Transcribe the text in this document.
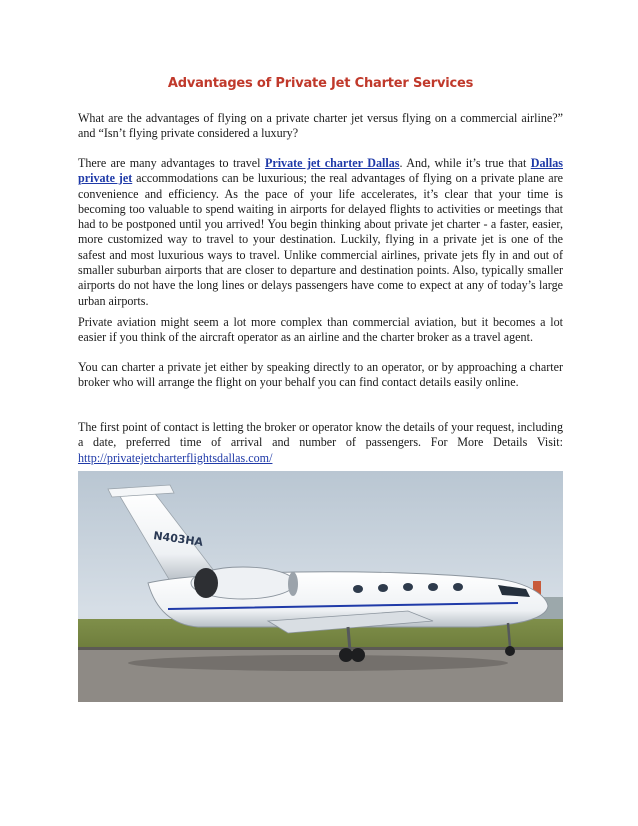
Advantages of Private Jet Charter Services

What are the advantages of flying on a private charter jet versus flying on a commercial airline?” and “Isn’t flying private considered a luxury?

There are many advantages to travel Private jet charter Dallas. And, while it’s true that Dallas private jet accommodations can be luxurious; the real advantages of flying on a private plane are convenience and efficiency. As the pace of your life accelerates, it’s clear that your time is becoming too valuable to spend waiting in airports for delayed flights to activities or meetings that had to be postponed until you arrived! You begin thinking about private jet charter - a faster, easier, more customized way to travel to your destination. Luckily, flying in a private jet is one of the safest and most luxurious ways to travel. Unlike commercial airlines, private jets fly in and out of smaller suburban airports that are closer to departure and destination points. Also, typically smaller airports do not have the long lines or delays passengers have come to expect at any of today’s large urban airports.

Private aviation might seem a lot more complex than commercial aviation, but it becomes a lot easier if you think of the aircraft operator as an airline and the charter broker as a travel agent.

You can charter a private jet either by speaking directly to an operator, or by approaching a charter broker who will arrange the flight on your behalf you can find contact details easily online.

The first point of contact is letting the broker or operator know the details of your request, including a date, preferred time of arrival and number of passengers. For More Details Visit: http://privatejetcharterflightsdallas.com/

N403HA
